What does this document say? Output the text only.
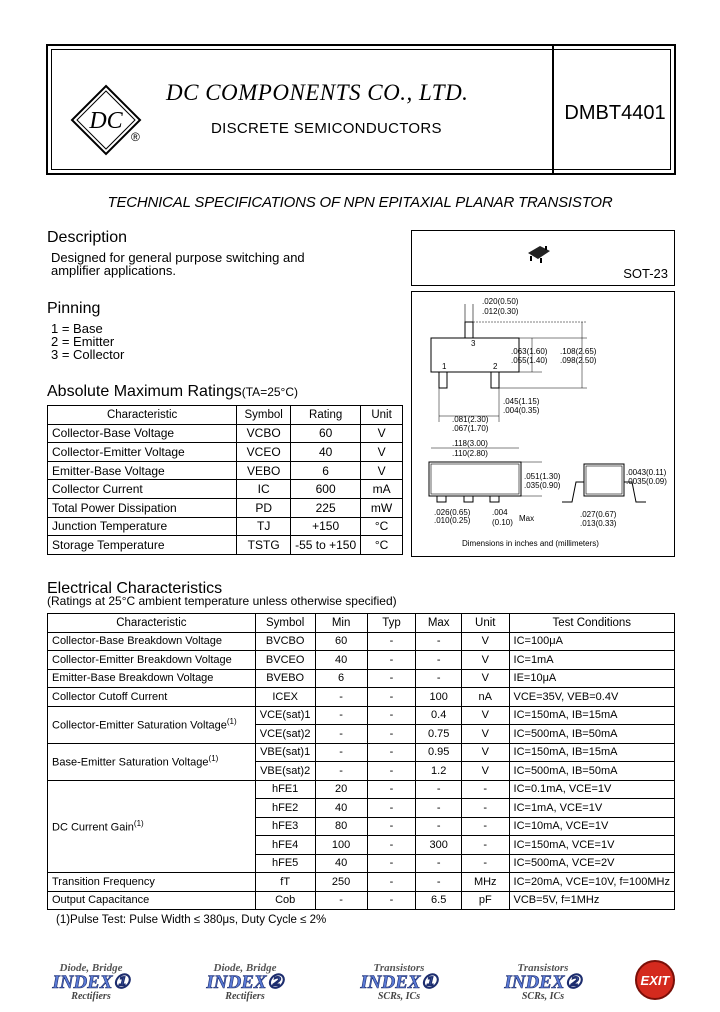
DC
®
DC COMPONENTS CO., LTD.
DISCRETE SEMICONDUCTORS
DMBT4401
TECHNICAL SPECIFICATIONS OF NPN EPITAXIAL PLANAR TRANSISTOR
Description
Designed for general purpose switching and
amplifier applications.
Pinning
1 = Base
2 = Emitter
3 = Collector
SOT-23
3
1	2
.020(0.50)
.012(0.30)
.063(1.60)
.055(1.40)
.108(2.65)
.098(2.50)
.045(1.15)
.004(0.35)
.081(2.30)
.067(1.70)
.118(3.00)
.110(2.80)
.051(1.30)
.035(0.90)
.026(0.65)
.010(0.25)
.004
(0.10) Max
.0043(0.11)
.0035(0.09)
.027(0.67)
.013(0.33)
Dimensions in inches and (millimeters)
Absolute Maximum Ratings(TA=25°C)
Characteristic	Symbol	Rating	Unit
Collector-Base Voltage	VCBO	60	V
Collector-Emitter Voltage	VCEO	40	V
Emitter-Base Voltage	VEBO	6	V
Collector Current	IC	600	mA
Total Power Dissipation	PD	225	mW
Junction Temperature	TJ	+150	°C
Storage Temperature	TSTG	-55 to +150	°C
Electrical Characteristics
(Ratings at 25°C ambient temperature unless otherwise specified)
Characteristic	Symbol	Min	Typ	Max	Unit	Test Conditions
Collector-Base Breakdown Voltage	BVCBO	60	-	-	V	IC=100μA
Collector-Emitter Breakdown Voltage	BVCEO	40	-	-	V	IC=1mA
Emitter-Base Breakdown Voltage	BVEBO	6	-	-	V	IE=10μA
Collector Cutoff Current	ICEX	-	-	100	nA	VCE=35V, VEB=0.4V
Collector-Emitter Saturation Voltage$^{(1)}$	VCE(sat)1	-	-	0.4	V	IC=150mA, IB=15mA
	VCE(sat)2	-	-	0.75	V	IC=500mA, IB=50mA
Base-Emitter Saturation Voltage$^{(1)}$	VBE(sat)1	-	-	0.95	V	IC=150mA, IB=15mA
	VBE(sat)2	-	-	1.2	V	IC=500mA, IB=50mA
DC Current Gain$^{(1)}$	hFE1	20	-	-	-	IC=0.1mA, VCE=1V
	hFE2	40	-	-	-	IC=1mA, VCE=1V
	hFE3	80	-	-	-	IC=10mA, VCE=1V
	hFE4	100	-	300	-	IC=150mA, VCE=1V
	hFE5	40	-	-	-	IC=500mA, VCE=2V
Transition Frequency	fT	250	-	-	MHz	IC=20mA, VCE=10V, f=100MHz
Output Capacitance	Cob	-	-	6.5	pF	VCB=5V, f=1MHz
(1)Pulse Test: Pulse Width ≤ 380μs, Duty Cycle ≤ 2%
Diode, Bridge
INDEX①
Rectifiers
Diode, Bridge
INDEX②
Rectifiers
Transistors
INDEX①
SCRs, ICs
Transistors
INDEX②
SCRs, ICs
EXIT
